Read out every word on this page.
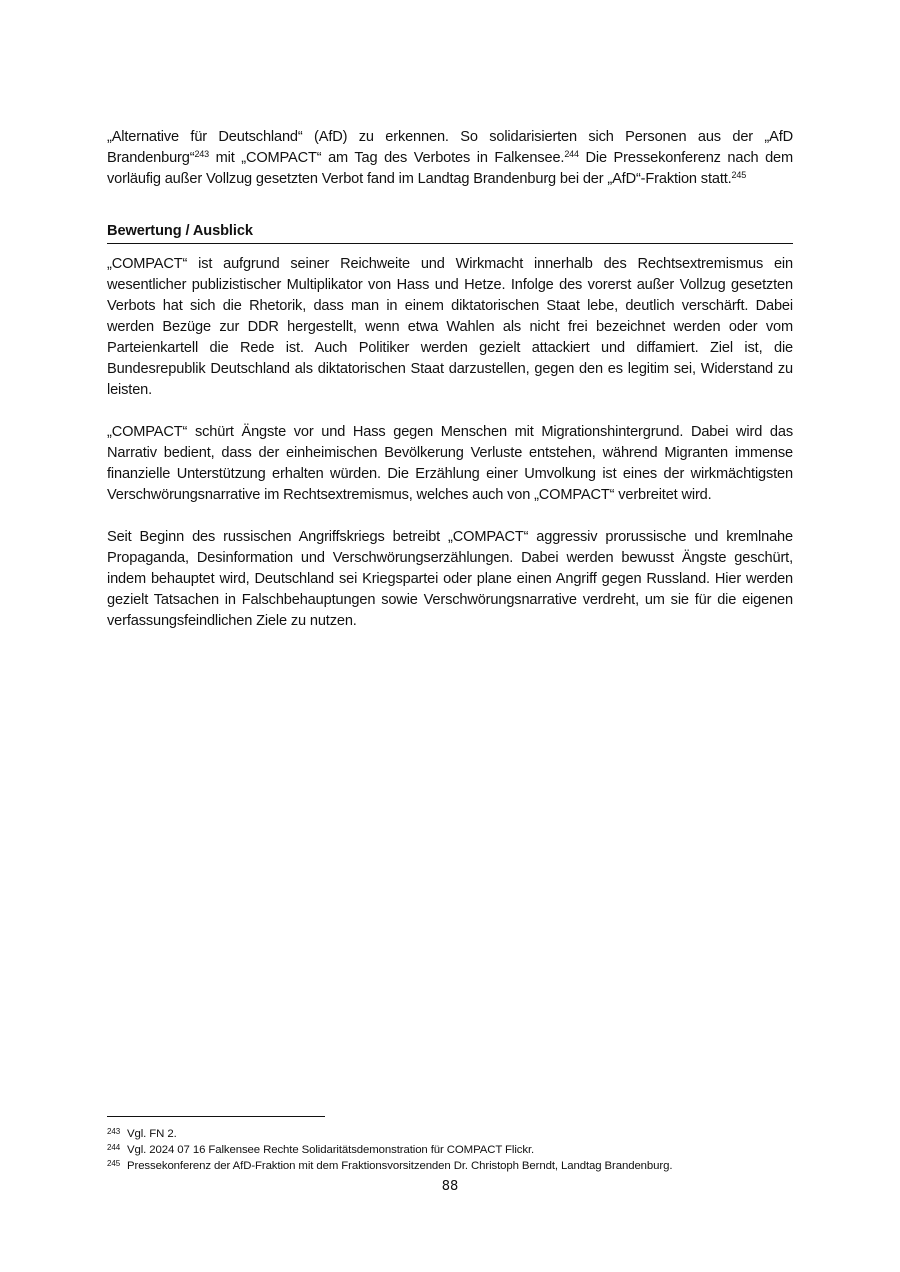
„Alternative für Deutschland“ (AfD) zu erkennen. So solidarisierten sich Personen aus der „AfD Brandenburg“$^{243}$ mit „COMPACT“ am Tag des Verbotes in Falkensee.$^{244}$ Die Pressekonferenz nach dem vorläufig außer Vollzug gesetzten Verbot fand im Landtag Brandenburg bei der „AfD“-Fraktion statt.$^{245}$

Bewertung / Ausblick

„COMPACT“ ist aufgrund seiner Reichweite und Wirkmacht innerhalb des Rechtsextremismus ein wesentlicher publizistischer Multiplikator von Hass und Hetze. Infolge des vorerst außer Vollzug gesetzten Verbots hat sich die Rhetorik, dass man in einem diktatorischen Staat lebe, deutlich verschärft. Dabei werden Bezüge zur DDR hergestellt, wenn etwa Wahlen als nicht frei bezeichnet werden oder vom Parteienkartell die Rede ist. Auch Politiker werden gezielt attackiert und diffamiert. Ziel ist, die Bundesrepublik Deutschland als diktatorischen Staat darzustellen, gegen den es legitim sei, Widerstand zu leisten.

„COMPACT“ schürt Ängste vor und Hass gegen Menschen mit Migrationshintergrund. Dabei wird das Narrativ bedient, dass der einheimischen Bevölkerung Verluste entstehen, während Migranten immense finanzielle Unterstützung erhalten würden. Die Erzählung einer Umvolkung ist eines der wirkmächtigsten Verschwörungsnarrative im Rechtsextremismus, welches auch von „COMPACT“ verbreitet wird.

Seit Beginn des russischen Angriffskriegs betreibt „COMPACT“ aggressiv prorussische und kremlnahe Propaganda, Desinformation und Verschwörungserzählungen. Dabei werden bewusst Ängste geschürt, indem behauptet wird, Deutschland sei Kriegspartei oder plane einen Angriff gegen Russland. Hier werden gezielt Tatsachen in Falschbehauptungen sowie Verschwörungsnarrative verdreht, um sie für die eigenen verfassungsfeindlichen Ziele zu nutzen.

243 Vgl. FN 2.

244 Vgl. 2024 07 16 Falkensee Rechte Solidaritätsdemonstration für COMPACT Flickr.

245 Pressekonferenz der AfD-Fraktion mit dem Fraktionsvorsitzenden Dr. Christoph Berndt, Landtag Brandenburg.

88
